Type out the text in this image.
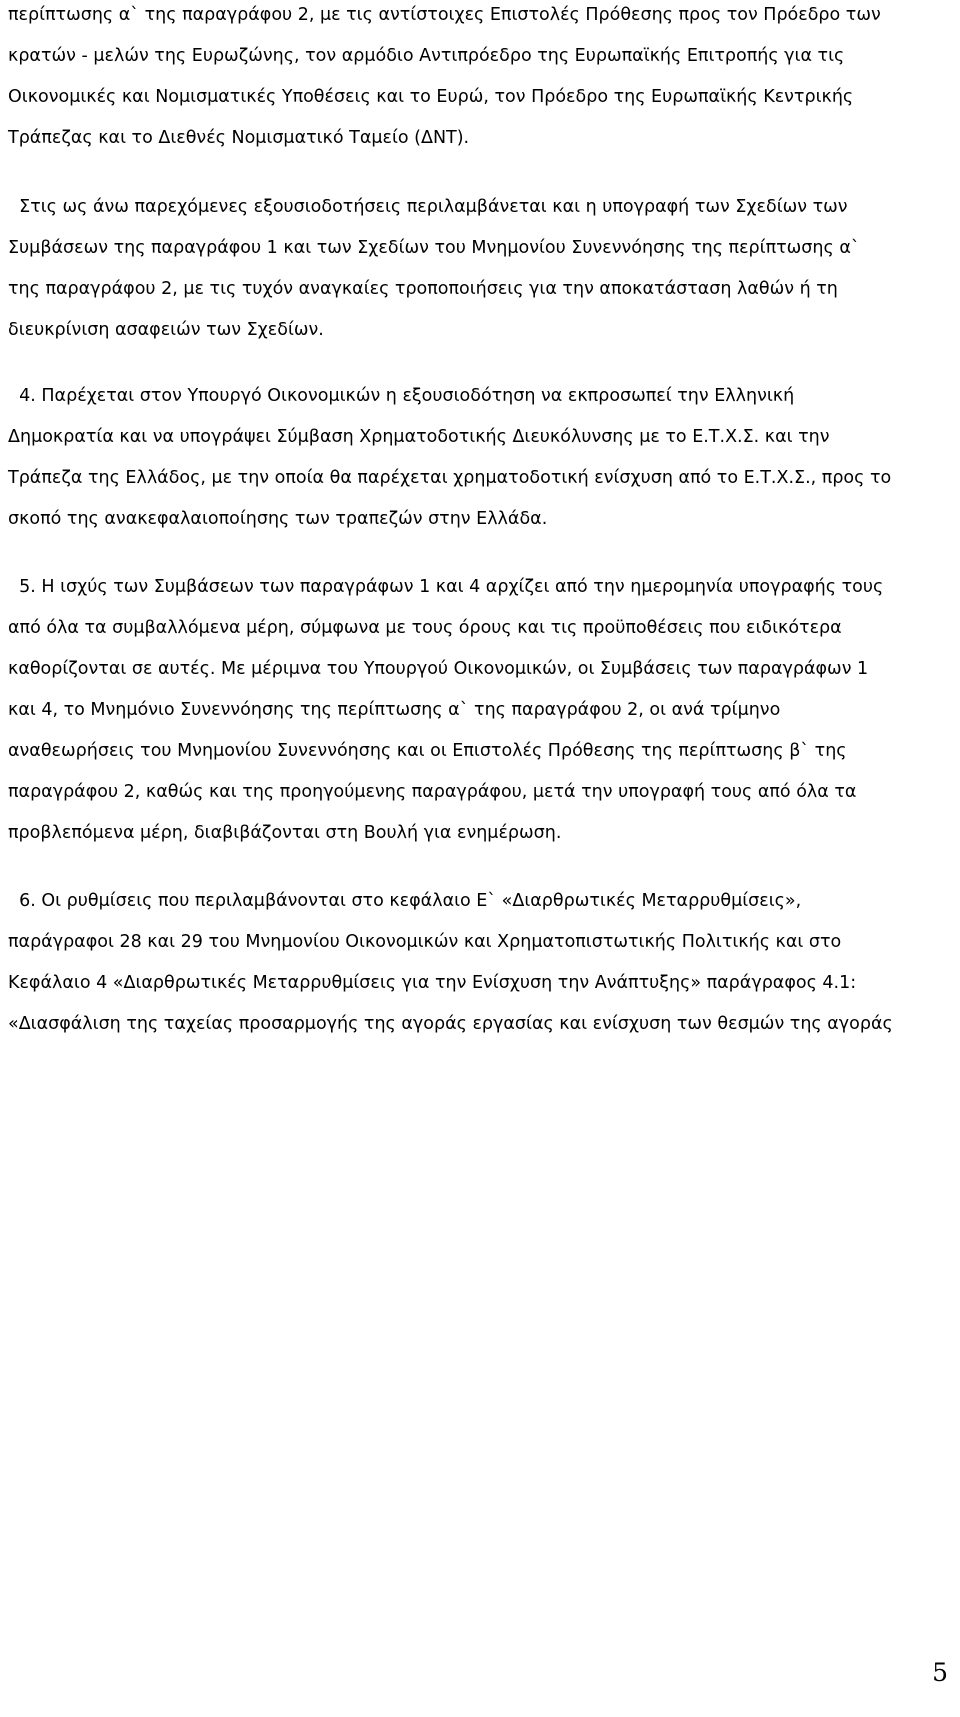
περίπτωσης α` της παραγράφου 2, με τις αντίστοιχες Επιστολές Πρόθεσης προς τον Πρόεδρο των
κρατών - μελών της Ευρωζώνης, τον αρμόδιο Αντιπρόεδρο της Ευρωπαϊκής Επιτροπής για τις
Οικονομικές και Νομισματικές Υποθέσεις και το Ευρώ, τον Πρόεδρο της Ευρωπαϊκής Κεντρικής
Τράπεζας και το Διεθνές Νομισματικό Ταμείο (ΔΝΤ).
Στις ως άνω παρεχόμενες εξουσιοδοτήσεις περιλαμβάνεται και η υπογραφή των Σχεδίων των
Συμβάσεων της παραγράφου 1 και των Σχεδίων του Μνημονίου Συνεννόησης της περίπτωσης α`
της παραγράφου 2, με τις τυχόν αναγκαίες τροποποιήσεις για την αποκατάσταση λαθών ή τη
διευκρίνιση ασαφειών των Σχεδίων.
4. Παρέχεται στον Υπουργό Οικονομικών η εξουσιοδότηση να εκπροσωπεί την Ελληνική
Δημοκρατία και να υπογράψει Σύμβαση Χρηματοδοτικής Διευκόλυνσης με το Ε.Τ.Χ.Σ. και την
Τράπεζα της Ελλάδος, με την οποία θα παρέχεται χρηματοδοτική ενίσχυση από το Ε.Τ.Χ.Σ., προς το
σκοπό της ανακεφαλαιοποίησης των τραπεζών στην Ελλάδα.
5. Η ισχύς των Συμβάσεων των παραγράφων 1 και 4 αρχίζει από την ημερομηνία υπογραφής τους
από όλα τα συμβαλλόμενα μέρη, σύμφωνα με τους όρους και τις προϋποθέσεις που ειδικότερα
καθορίζονται σε αυτές. Με μέριμνα του Υπουργού Οικονομικών, οι Συμβάσεις των παραγράφων 1
και 4, το Μνημόνιο Συνεννόησης της περίπτωσης α` της παραγράφου 2, οι ανά τρίμηνο
αναθεωρήσεις του Μνημονίου Συνεννόησης και οι Επιστολές Πρόθεσης της περίπτωσης β` της
παραγράφου 2, καθώς και της προηγούμενης παραγράφου, μετά την υπογραφή τους από όλα τα
προβλεπόμενα μέρη, διαβιβάζονται στη Βουλή για ενημέρωση.
6. Οι ρυθμίσεις που περιλαμβάνονται στο κεφάλαιο Ε` «Διαρθρωτικές Μεταρρυθμίσεις»,
παράγραφοι 28 και 29 του Μνημονίου Οικονομικών και Χρηματοπιστωτικής Πολιτικής και στο
Κεφάλαιο 4 «Διαρθρωτικές Μεταρρυθμίσεις για την Ενίσχυση την Ανάπτυξης» παράγραφος 4.1:
«Διασφάλιση της ταχείας προσαρμογής της αγοράς εργασίας και ενίσχυση των θεσμών της αγοράς
5
